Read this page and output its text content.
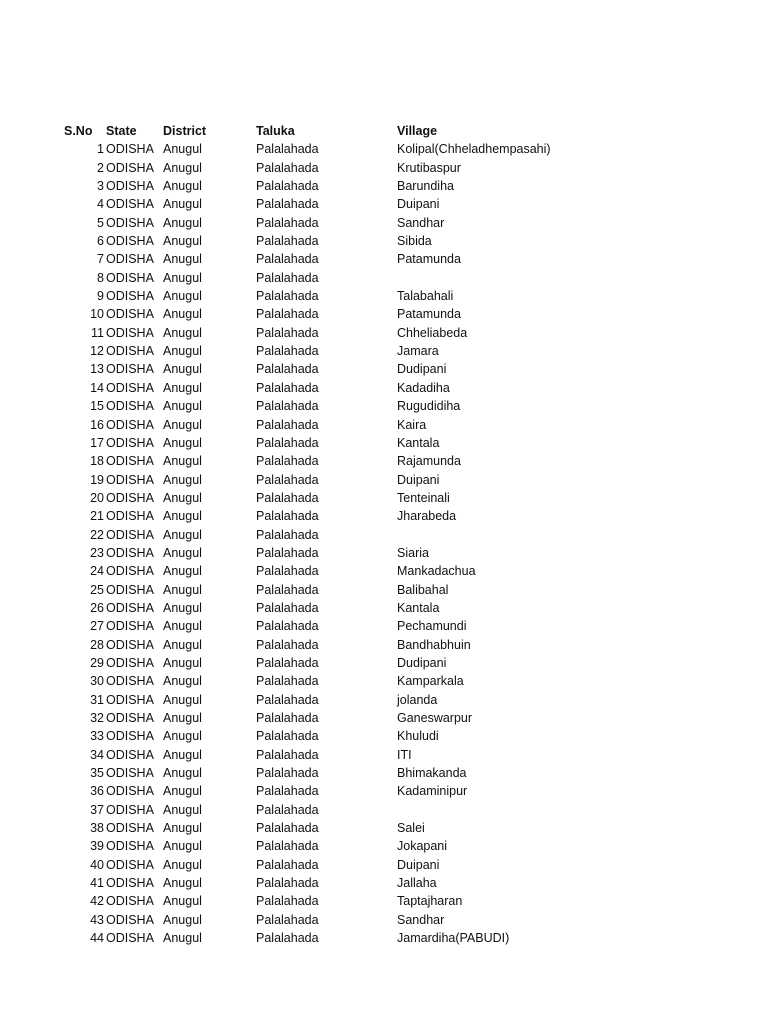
S.No State District	Taluka	Village
1 ODISHA Anugul	Palalahada	Kolipal(Chheladhempasahi)
2 ODISHA Anugul	Palalahada	Krutibaspur
3 ODISHA Anugul	Palalahada	Barundiha
4 ODISHA Anugul	Palalahada	Duipani
5 ODISHA Anugul	Palalahada	Sandhar
6 ODISHA Anugul	Palalahada	Sibida
7 ODISHA Anugul	Palalahada	Patamunda
8 ODISHA Anugul	Palalahada
9 ODISHA Anugul	Palalahada	Talabahali
10 ODISHA Anugul	Palalahada	Patamunda
11 ODISHA Anugul	Palalahada	Chheliabeda
12 ODISHA Anugul	Palalahada	Jamara
13 ODISHA Anugul	Palalahada	Dudipani
14 ODISHA Anugul	Palalahada	Kadadiha
15 ODISHA Anugul	Palalahada	Rugudidiha
16 ODISHA Anugul	Palalahada	Kaira
17 ODISHA Anugul	Palalahada	Kantala
18 ODISHA Anugul	Palalahada	Rajamunda
19 ODISHA Anugul	Palalahada	Duipani
20 ODISHA Anugul	Palalahada	Tenteinali
21 ODISHA Anugul	Palalahada	Jharabeda
22 ODISHA Anugul	Palalahada
23 ODISHA Anugul	Palalahada	Siaria
24 ODISHA Anugul	Palalahada	Mankadachua
25 ODISHA Anugul	Palalahada	Balibahal
26 ODISHA Anugul	Palalahada	Kantala
27 ODISHA Anugul	Palalahada	Pechamundi
28 ODISHA Anugul	Palalahada	Bandhabhuin
29 ODISHA Anugul	Palalahada	Dudipani
30 ODISHA Anugul	Palalahada	Kamparkala
31 ODISHA Anugul	Palalahada	jolanda
32 ODISHA Anugul	Palalahada	Ganeswarpur
33 ODISHA Anugul	Palalahada	Khuludi
34 ODISHA Anugul	Palalahada	ITI
35 ODISHA Anugul	Palalahada	Bhimakanda
36 ODISHA Anugul	Palalahada	Kadaminipur
37 ODISHA Anugul	Palalahada
38 ODISHA Anugul	Palalahada	Salei
39 ODISHA Anugul	Palalahada	Jokapani
40 ODISHA Anugul	Palalahada	Duipani
41 ODISHA Anugul	Palalahada	Jallaha
42 ODISHA Anugul	Palalahada	Taptajharan
43 ODISHA Anugul	Palalahada	Sandhar
44 ODISHA Anugul	Palalahada	Jamardiha(PABUDI)
